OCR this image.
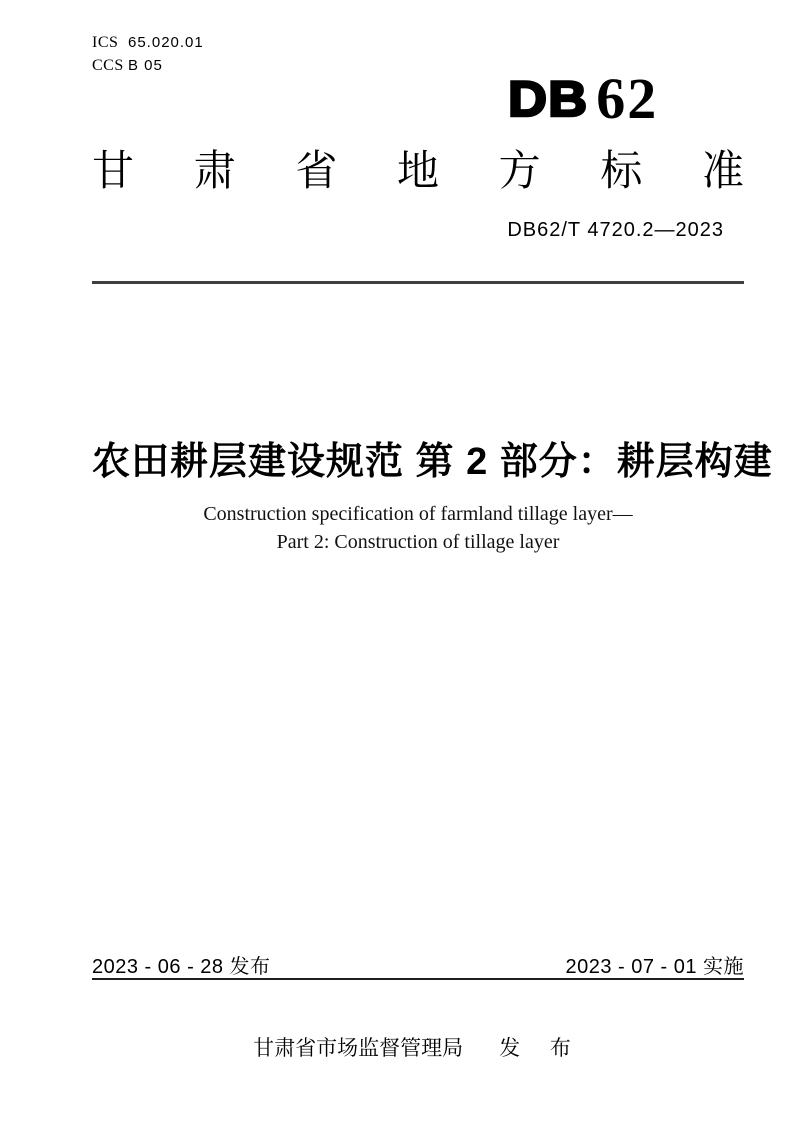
ICS 65.020.01
CCS B 05
DB 62
甘肃省地方标准
DB62/T 4720.2—2023
农田耕层建设规范 第 2 部分：耕层构建
Construction specification of farmland tillage layer—
Part 2: Construction of tillage layer
2023 - 06 - 28 发布	2023 - 07 - 01 实施
甘肃省市场监督管理局 发 布
